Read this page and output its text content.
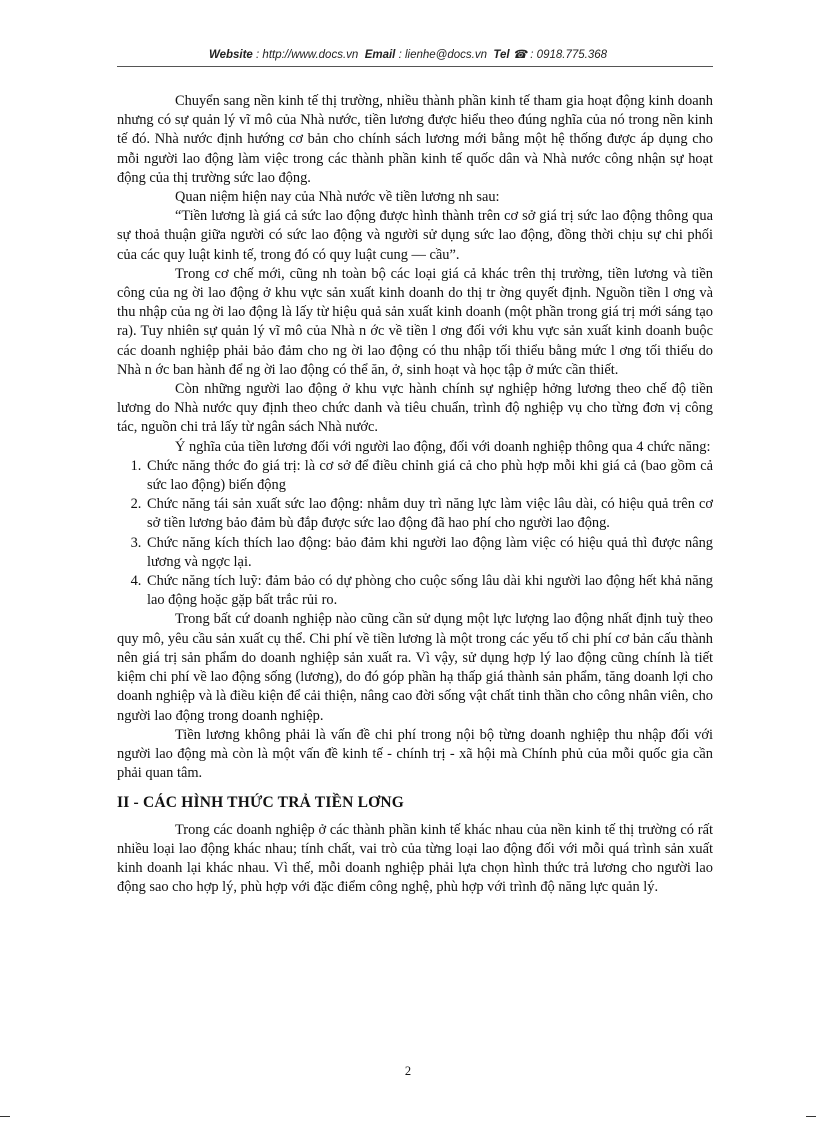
Website : http://www.docs.vn Email : lienhe@docs.vn Tel ☎ : 0918.775.368

Chuyển sang nền kinh tế thị trường, nhiều thành phần kinh tế tham gia hoạt động kinh doanh nhưng có sự quản lý vĩ mô của Nhà nước, tiền lương được hiểu theo đúng nghĩa của nó trong nền kinh tế đó. Nhà nước định hướng cơ bản cho chính sách lương mới bằng một hệ thống được áp dụng cho mỗi người lao động làm việc trong các thành phần kinh tế quốc dân và Nhà nước công nhận sự hoạt động của thị trường sức lao động.

Quan niệm hiện nay của Nhà nước về tiền lương nh sau:

“Tiền lương là giá cả sức lao động được hình thành trên cơ sở giá trị sức lao động thông qua sự thoả thuận giữa người có sức lao động và người sử dụng sức lao động, đồng thời chịu sự chi phối của các quy luật kinh tế, trong đó có quy luật cung — cầu”.

Trong cơ chế mới, cũng nh toàn bộ các loại giá cả khác trên thị trường, tiền lương và tiền công của ng ời lao động ở khu vực sản xuất kinh doanh do thị tr ờng quyết định. Nguồn tiền l ơng và thu nhập của ng ời lao động là lấy từ hiệu quả sản xuất kinh doanh (một phần trong giá trị mới sáng tạo ra). Tuy nhiên sự quản lý vĩ mô của Nhà n ớc về tiền l ơng đối với khu vực sản xuất kinh doanh buộc các doanh nghiệp phải bảo đảm cho ng ời lao động có thu nhập tối thiểu bằng mức l ơng tối thiểu do Nhà n ớc ban hành để ng ời lao động có thể ăn, ở, sinh hoạt và học tập ở mức cần thiết.

Còn những người lao động ở khu vực hành chính sự nghiệp hởng lương theo chế độ tiền lương do Nhà nước quy định theo chức danh và tiêu chuẩn, trình độ nghiệp vụ cho từng đơn vị công tác, nguồn chi trả lấy từ ngân sách Nhà nước.

Ý nghĩa của tiền lương đối với người lao động, đối với doanh nghiệp thông qua 4 chức năng:

1. Chức năng thớc đo giá trị: là cơ sở để điều chỉnh giá cả cho phù hợp mỗi khi giá cả (bao gồm cả sức lao động) biến động
2. Chức năng tái sản xuất sức lao động: nhằm duy trì năng lực làm việc lâu dài, có hiệu quả trên cơ sở tiền lương bảo đảm bù đắp được sức lao động đã hao phí cho người lao động.
3. Chức năng kích thích lao động: bảo đảm khi người lao động làm việc có hiệu quả thì được nâng lương và ngợc lại.
4. Chức năng tích luỹ: đảm bảo có dự phòng cho cuộc sống lâu dài khi người lao động hết khả năng lao động hoặc gặp bất trắc rủi ro.

Trong bất cứ doanh nghiệp nào cũng cần sử dụng một lực lượng lao động nhất định tuỳ theo quy mô, yêu cầu sản xuất cụ thể. Chi phí về tiền lương là một trong các yếu tố chi phí cơ bản cấu thành nên giá trị sản phẩm do doanh nghiệp sản xuất ra. Vì vậy, sử dụng hợp lý lao động cũng chính là tiết kiệm chi phí về lao động sống (lương), do đó góp phần hạ thấp giá thành sản phẩm, tăng doanh lợi cho doanh nghiệp và là điều kiện để cải thiện, nâng cao đời sống vật chất tinh thần cho công nhân viên, cho người lao động trong doanh nghiệp.

Tiền lương không phải là vấn đề chi phí trong nội bộ từng doanh nghiệp thu nhập đối với người lao động mà còn là một vấn đề kinh tế - chính trị - xã hội mà Chính phủ của mỗi quốc gia cần phải quan tâm.

II - CÁC HÌNH THỨC TRẢ TIỀN LƠNG

Trong các doanh nghiệp ở các thành phần kinh tế khác nhau của nền kinh tế thị trường có rất nhiều loại lao động khác nhau; tính chất, vai trò của từng loại lao động đối với mỗi quá trình sản xuất kinh doanh lại khác nhau. Vì thế, mỗi doanh nghiệp phải lựa chọn hình thức trả lương cho người lao động sao cho hợp lý, phù hợp với đặc điểm công nghệ, phù hợp với trình độ năng lực quản lý.

2
